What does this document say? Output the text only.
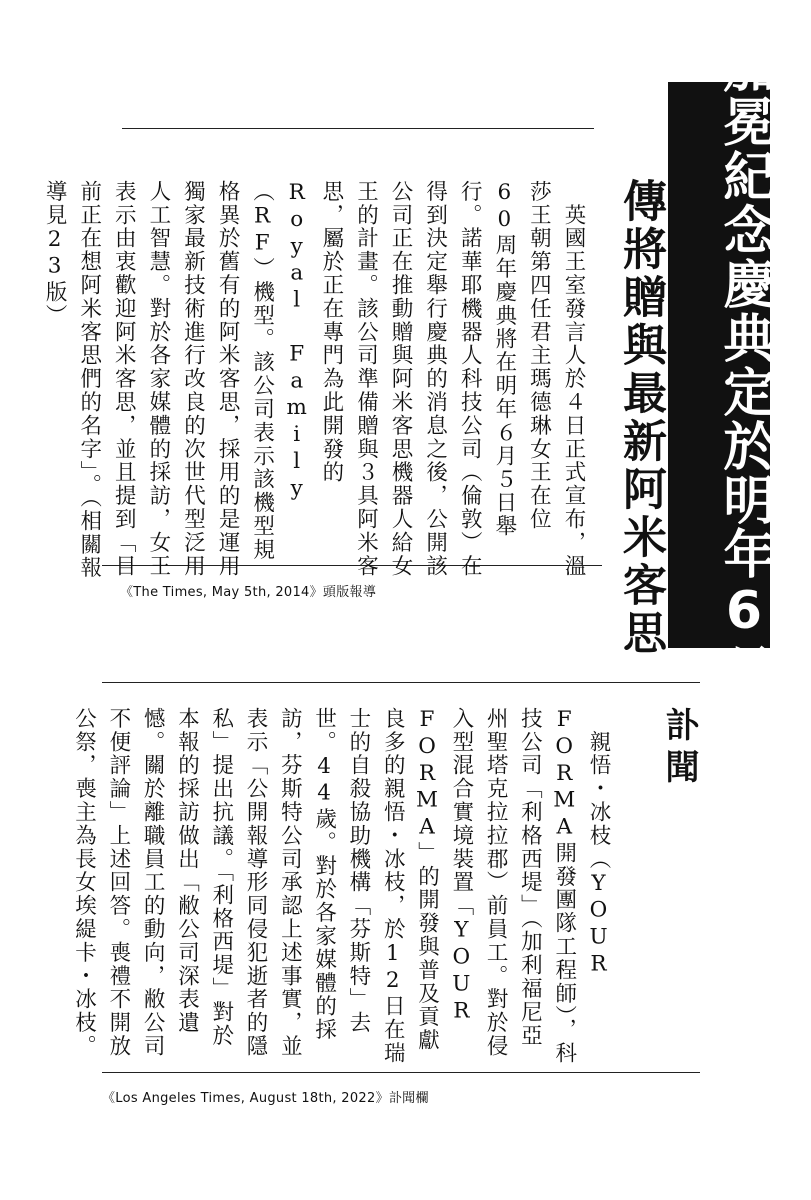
加冕紀念慶典定於明年6月
傳將贈與最新阿米客思

　英國王室發言人於４日正式宣布，溫莎王朝第四任君主瑪德琳女王在位60周年慶典將在明年６月５日舉行。諾華耶機器人科技公司（倫敦）在得到決定舉行慶典的消息之後，公開該公司正在推動贈與阿米客思機器人給女王的計畫。該公司準備贈與３具阿米客思，屬於正在專門為此開發的Royal Family（RF）機型。該公司表示該機型規格異於舊有的阿米客思，採用的是運用獨家最新技術進行改良的次世代型泛用人工智慧。對於各家媒體的採訪，女王表示由衷歡迎阿米客思，並且提到「目前正在想阿米客思們的名字」。（相關報導見23版）

《The Times, May 5th, 2014》頭版報導
訃聞

　親悟・冰枝（YOUR FORMA開發團隊工程師），科技公司「利格西堤」（加利福尼亞州聖塔克拉拉郡）前員工。對於侵入型混合實境裝置「YOUR FORMA」的開發與普及貢獻良多的親悟・冰枝，於12日在瑞士的自殺協助機構「芬斯特」去世。44歲。對於各家媒體的採訪，芬斯特公司承認上述事實，並表示「公開報導形同侵犯逝者的隱私」提出抗議。「利格西堤」對於本報的採訪做出「敝公司深表遺憾。關於離職員工的動向，敝公司不便評論」上述回答。喪禮不開放公祭，喪主為長女埃緹卡・冰枝。

《Los Angeles Times, August 18th, 2022》訃聞欄
